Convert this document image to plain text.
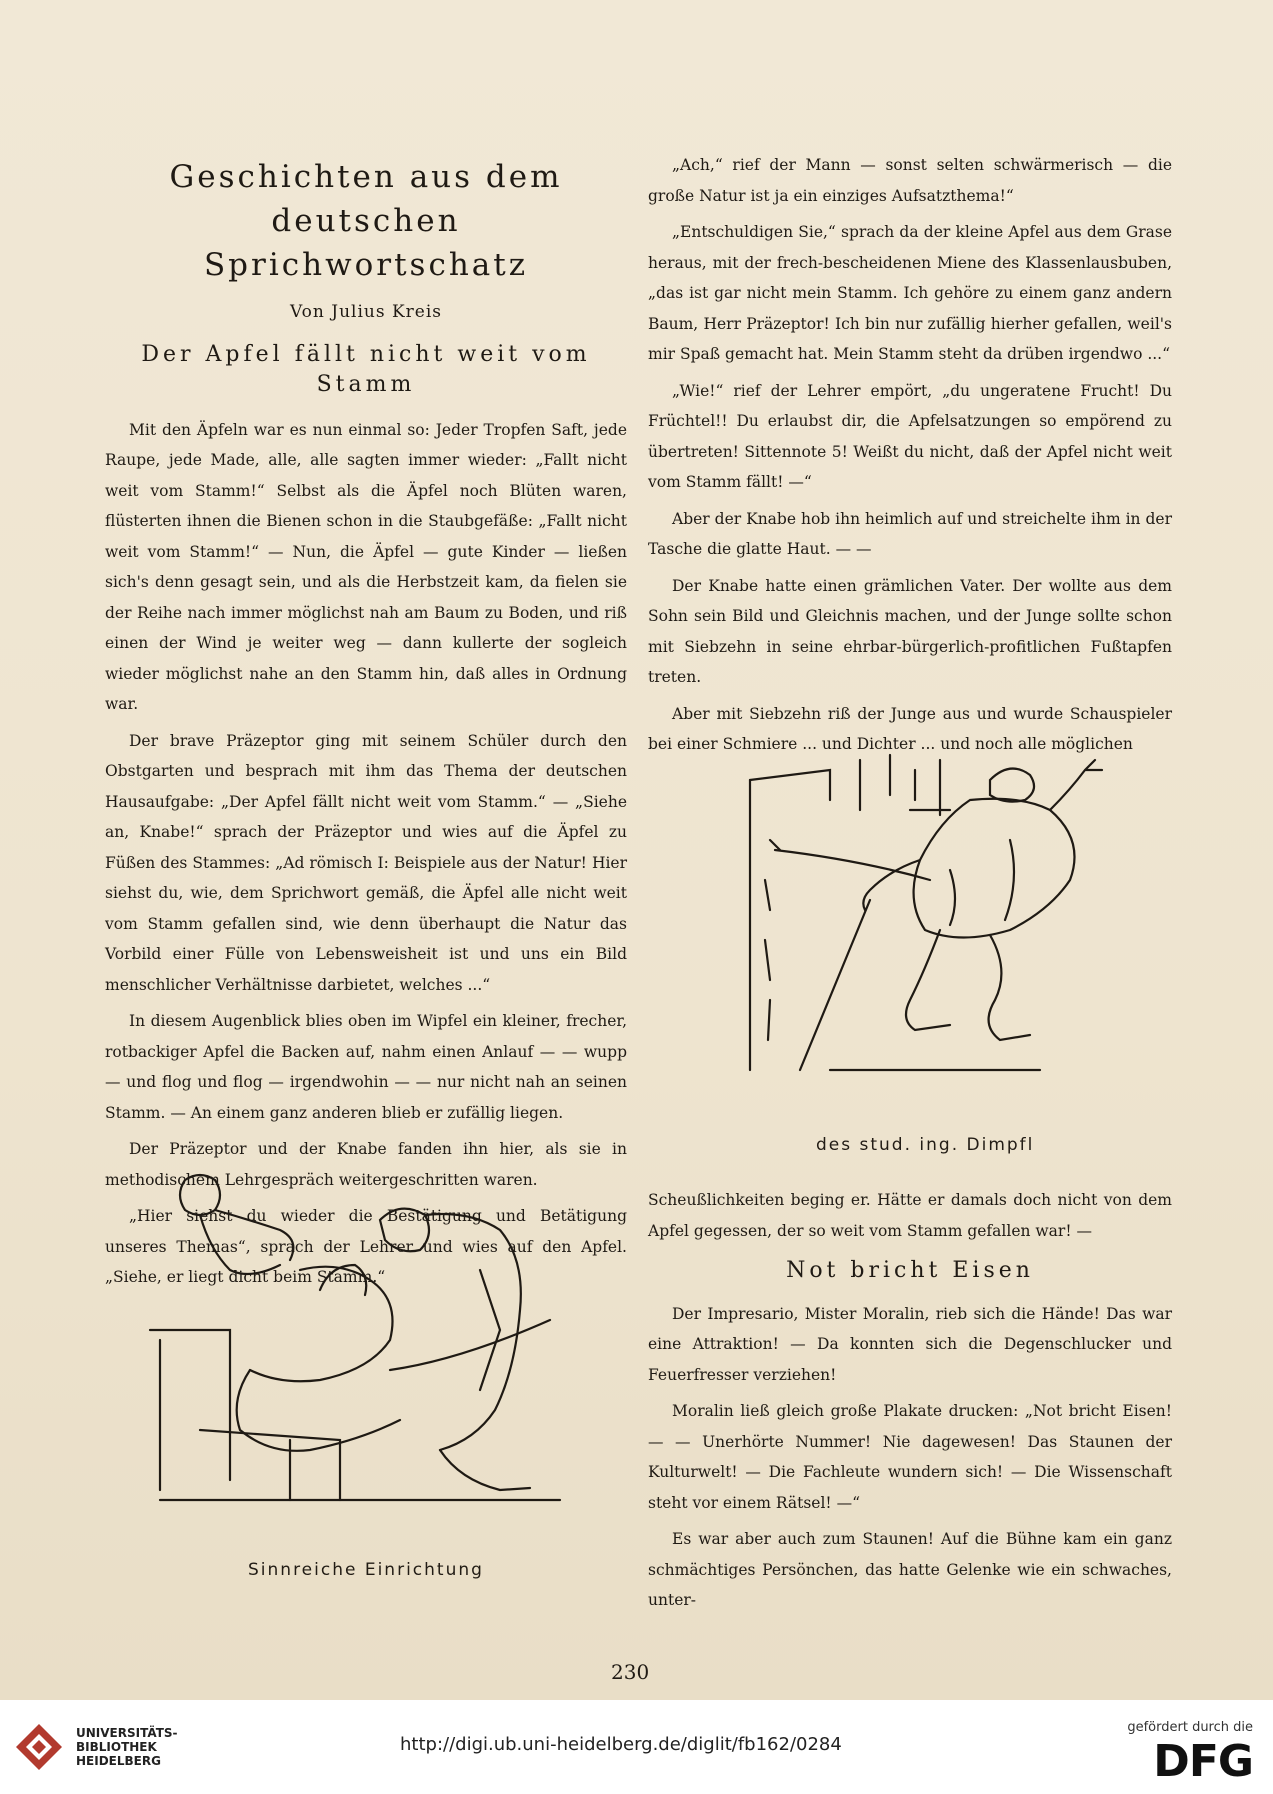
Geschichten aus dem
deutschen Sprichwortschatz
Von Julius Kreis
Der Apfel fällt nicht weit vom Stamm

Mit den Äpfeln war es nun einmal so: Jeder Tropfen Saft, jede Raupe, jede Made, alle, alle sagten immer wieder: „Fallt nicht weit vom Stamm!“ Selbst als die Äpfel noch Blüten waren, flüsterten ihnen die Bienen schon in die Staubgefäße: „Fallt nicht weit vom Stamm!“ — Nun, die Äpfel — gute Kinder — ließen sich's denn gesagt sein, und als die Herbstzeit kam, da fielen sie der Reihe nach immer möglichst nah am Baum zu Boden, und riß einen der Wind je weiter weg — dann kullerte der sogleich wieder möglichst nahe an den Stamm hin, daß alles in Ordnung war.

Der brave Präzeptor ging mit seinem Schüler durch den Obstgarten und besprach mit ihm das Thema der deutschen Hausaufgabe: „Der Apfel fällt nicht weit vom Stamm.“ — „Siehe an, Knabe!“ sprach der Präzeptor und wies auf die Äpfel zu Füßen des Stammes: „Ad römisch I: Beispiele aus der Natur! Hier siehst du, wie, dem Sprichwort gemäß, die Äpfel alle nicht weit vom Stamm gefallen sind, wie denn überhaupt die Natur das Vorbild einer Fülle von Lebensweisheit ist und uns ein Bild menschlicher Verhältnisse darbietet, welches ...“

In diesem Augenblick blies oben im Wipfel ein kleiner, frecher, rotbackiger Apfel die Backen auf, nahm einen Anlauf — — wupp — und flog und flog — irgendwohin — — nur nicht nah an seinen Stamm. — An einem ganz anderen blieb er zufällig liegen.

Der Präzeptor und der Knabe fanden ihn hier, als sie in methodischem Lehrgespräch weitergeschritten waren.

„Hier siehst du wieder die Bestätigung und Betätigung unseres Themas“, sprach der Lehrer und wies auf den Apfel. „Siehe, er liegt dicht beim Stamm.“

„Ach,“ rief der Mann — sonst selten schwärmerisch — die große Natur ist ja ein einziges Aufsatzthema!“

„Entschuldigen Sie,“ sprach da der kleine Apfel aus dem Grase heraus, mit der frech-bescheidenen Miene des Klassenlausbuben, „das ist gar nicht mein Stamm. Ich gehöre zu einem ganz andern Baum, Herr Präzeptor! Ich bin nur zufällig hierher gefallen, weil's mir Spaß gemacht hat. Mein Stamm steht da drüben irgendwo ...“

„Wie!“ rief der Lehrer empört, „du ungeratene Frucht! Du Früchtel!! Du erlaubst dir, die Apfelsatzungen so empörend zu übertreten! Sittennote 5! Weißt du nicht, daß der Apfel nicht weit vom Stamm fällt! —“

Aber der Knabe hob ihn heimlich auf und streichelte ihm in der Tasche die glatte Haut. — —

Der Knabe hatte einen grämlichen Vater. Der wollte aus dem Sohn sein Bild und Gleichnis machen, und der Junge sollte schon mit Siebzehn in seine ehrbar-bürgerlich-profitlichen Fußtapfen treten.

Aber mit Siebzehn riß der Junge aus und wurde Schauspieler bei einer Schmiere ... und Dichter ... und noch alle möglichen

des stud. ing. Dimpfl

Scheußlichkeiten beging er. Hätte er damals doch nicht von dem Apfel gegessen, der so weit vom Stamm gefallen war! —

Not bricht Eisen

Der Impresario, Mister Moralin, rieb sich die Hände! Das war eine Attraktion! — Da konnten sich die Degenschlucker und Feuerfresser verziehen!

Moralin ließ gleich große Plakate drucken: „Not bricht Eisen! — — Unerhörte Nummer! Nie dagewesen! Das Staunen der Kulturwelt! — Die Fachleute wundern sich! — Die Wissenschaft steht vor einem Rätsel! —“

Es war aber auch zum Staunen! Auf die Bühne kam ein ganz schmächtiges Persönchen, das hatte Gelenke wie ein schwaches, unter-

Sinnreiche Einrichtung
230
UNIVERSITÄTS-
BIBLIOTHEK
HEIDELBERG
http://digi.ub.uni-heidelberg.de/diglit/fb162/0284
gefördert durch die
DFG
